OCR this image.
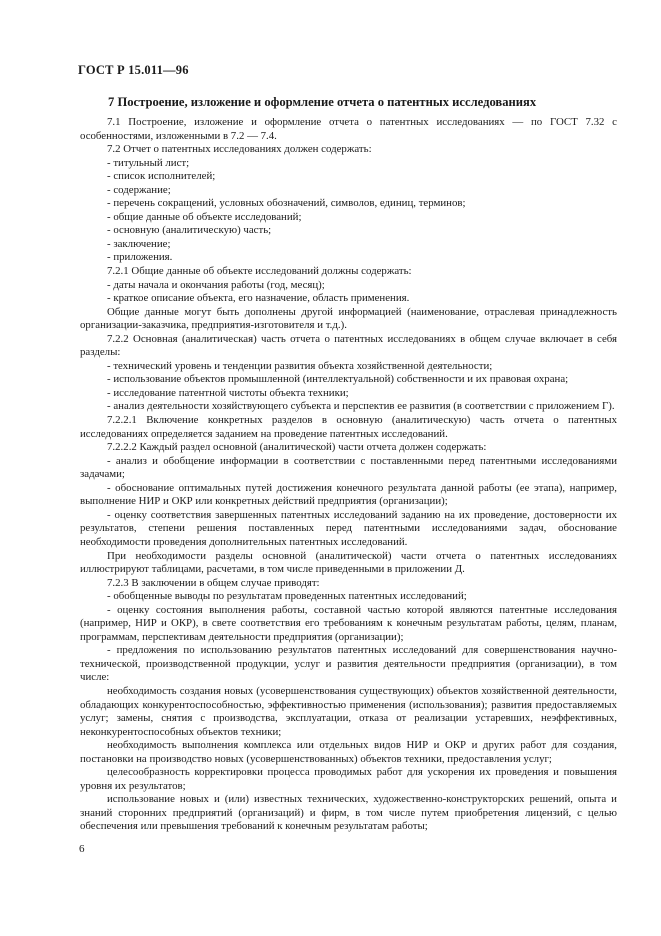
ГОСТ Р 15.011—96
7 Построение, изложение и оформление отчета о патентных исследованиях

7.1 Построение, изложение и оформление отчета о патентных исследованиях — по ГОСТ 7.32 с особенностями, изложенными в 7.2 — 7.4.

7.2 Отчет о патентных исследованиях должен содержать:

- титульный лист;

- список исполнителей;

- содержание;

- перечень сокращений, условных обозначений, символов, единиц, терминов;

- общие данные об объекте исследований;

- основную (аналитическую) часть;

- заключение;

- приложения.

7.2.1 Общие данные об объекте исследований должны содержать:

- даты начала и окончания работы (год, месяц);

- краткое описание объекта, его назначение, область применения.

Общие данные могут быть дополнены другой информацией (наименование, отраслевая принадлежность организации-заказчика, предприятия-изготовителя и т.д.).

7.2.2 Основная (аналитическая) часть отчета о патентных исследованиях в общем случае включает в себя разделы:

- технический уровень и тенденции развития объекта хозяйственной деятельности;

- использование объектов промышленной (интеллектуальной) собственности и их правовая охрана;

- исследование патентной чистоты объекта техники;

- анализ деятельности хозяйствующего субъекта и перспектив ее развития (в соответствии с приложением Г).

7.2.2.1 Включение конкретных разделов в основную (аналитическую) часть отчета о патентных исследованиях определяется заданием на проведение патентных исследований.

7.2.2.2 Каждый раздел основной (аналитической) части отчета должен содержать:

- анализ и обобщение информации в соответствии с поставленными перед патентными исследованиями задачами;

- обоснование оптимальных путей достижения конечного результата данной работы (ее этапа), например, выполнение НИР и ОКР или конкретных действий предприятия (организации);

- оценку соответствия завершенных патентных исследований заданию на их проведение, достоверности их результатов, степени решения поставленных перед патентными исследованиями задач, обоснование необходимости проведения дополнительных патентных исследований.

При необходимости разделы основной (аналитической) части отчета о патентных исследованиях иллюстрируют таблицами, расчетами, в том числе приведенными в приложении Д.

7.2.3 В заключении в общем случае приводят:

- обобщенные выводы по результатам проведенных патентных исследований;

- оценку состояния выполнения работы, составной частью которой являются патентные исследования (например, НИР и ОКР), в свете соответствия его требованиям к конечным результатам работы, целям, планам, программам, перспективам деятельности предприятия (организации);

- предложения по использованию результатов патентных исследований для совершенствования научно-технической, производственной продукции, услуг и развития деятельности предприятия (организации), в том числе:

необходимость создания новых (усовершенствования существующих) объектов хозяйственной деятельности, обладающих конкурентоспособностью, эффективностью применения (использования); развития предоставляемых услуг; замены, снятия с производства, эксплуатации, отказа от реализации устаревших, неэффективных, неконкурентоспособных объектов техники;

необходимость выполнения комплекса или отдельных видов НИР и ОКР и других работ для создания, постановки на производство новых (усовершенствованных) объектов техники, предоставления услуг;

целесообразность корректировки процесса проводимых работ для ускорения их проведения и повышения уровня их результатов;

использование новых и (или) известных технических, художественно-конструкторских решений, опыта и знаний сторонних предприятий (организаций) и фирм, в том числе путем приобретения лицензий, с целью обеспечения или превышения требований к конечным результатам работы;

6
